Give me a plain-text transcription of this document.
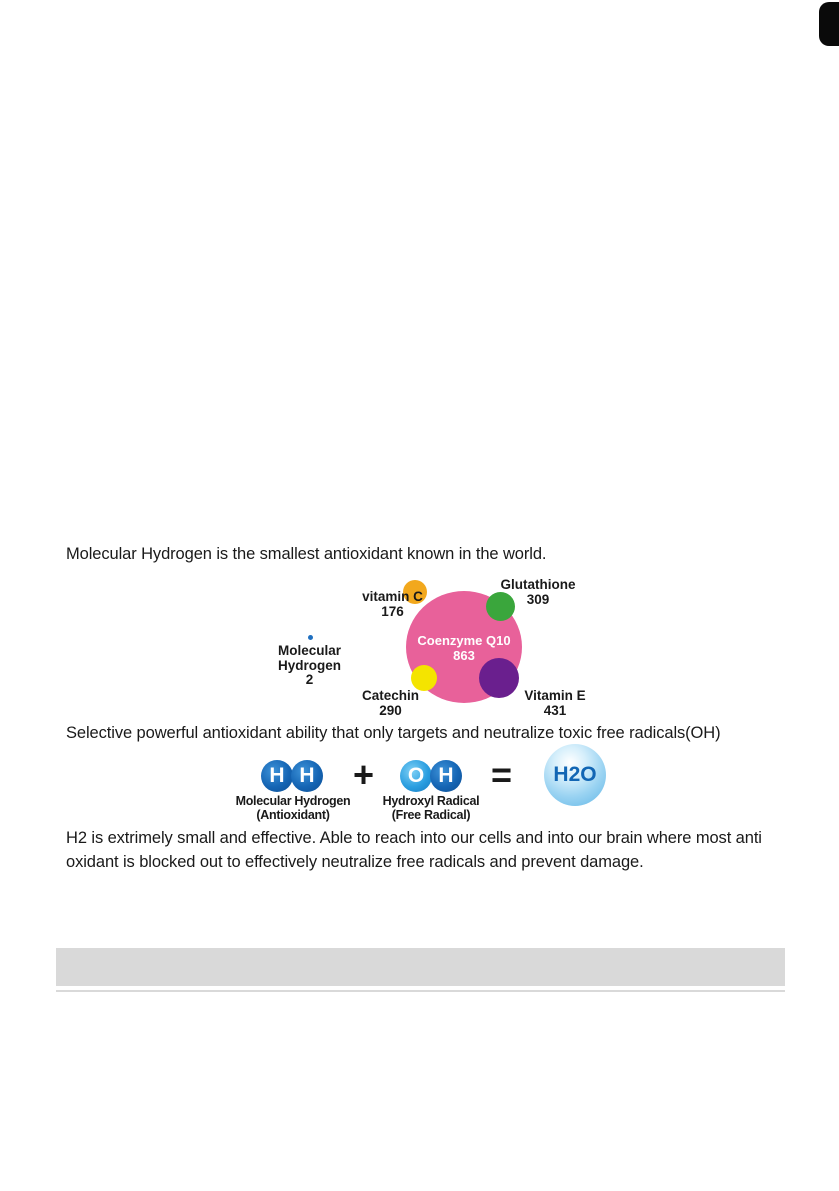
Molecular Hydrogen is the smallest antioxidant known in the world.
Molecular
Hydrogen
2
Coenzyme Q10
863
vitamin C
176
Glutathione
309
Catechin
290
Vitamin E
431
Selective powerful antioxidant ability that only targets and neutralize toxic free radicals(OH)
H H +	O H =	H2O
Molecular Hydrogen
(Antioxidant)
Hydroxyl Radical
(Free Radical)
H2 is extrimely small and effective. Able to reach into our cells and into our brain where most anti
oxidant is blocked out to effectively neutralize free radicals and prevent damage.
